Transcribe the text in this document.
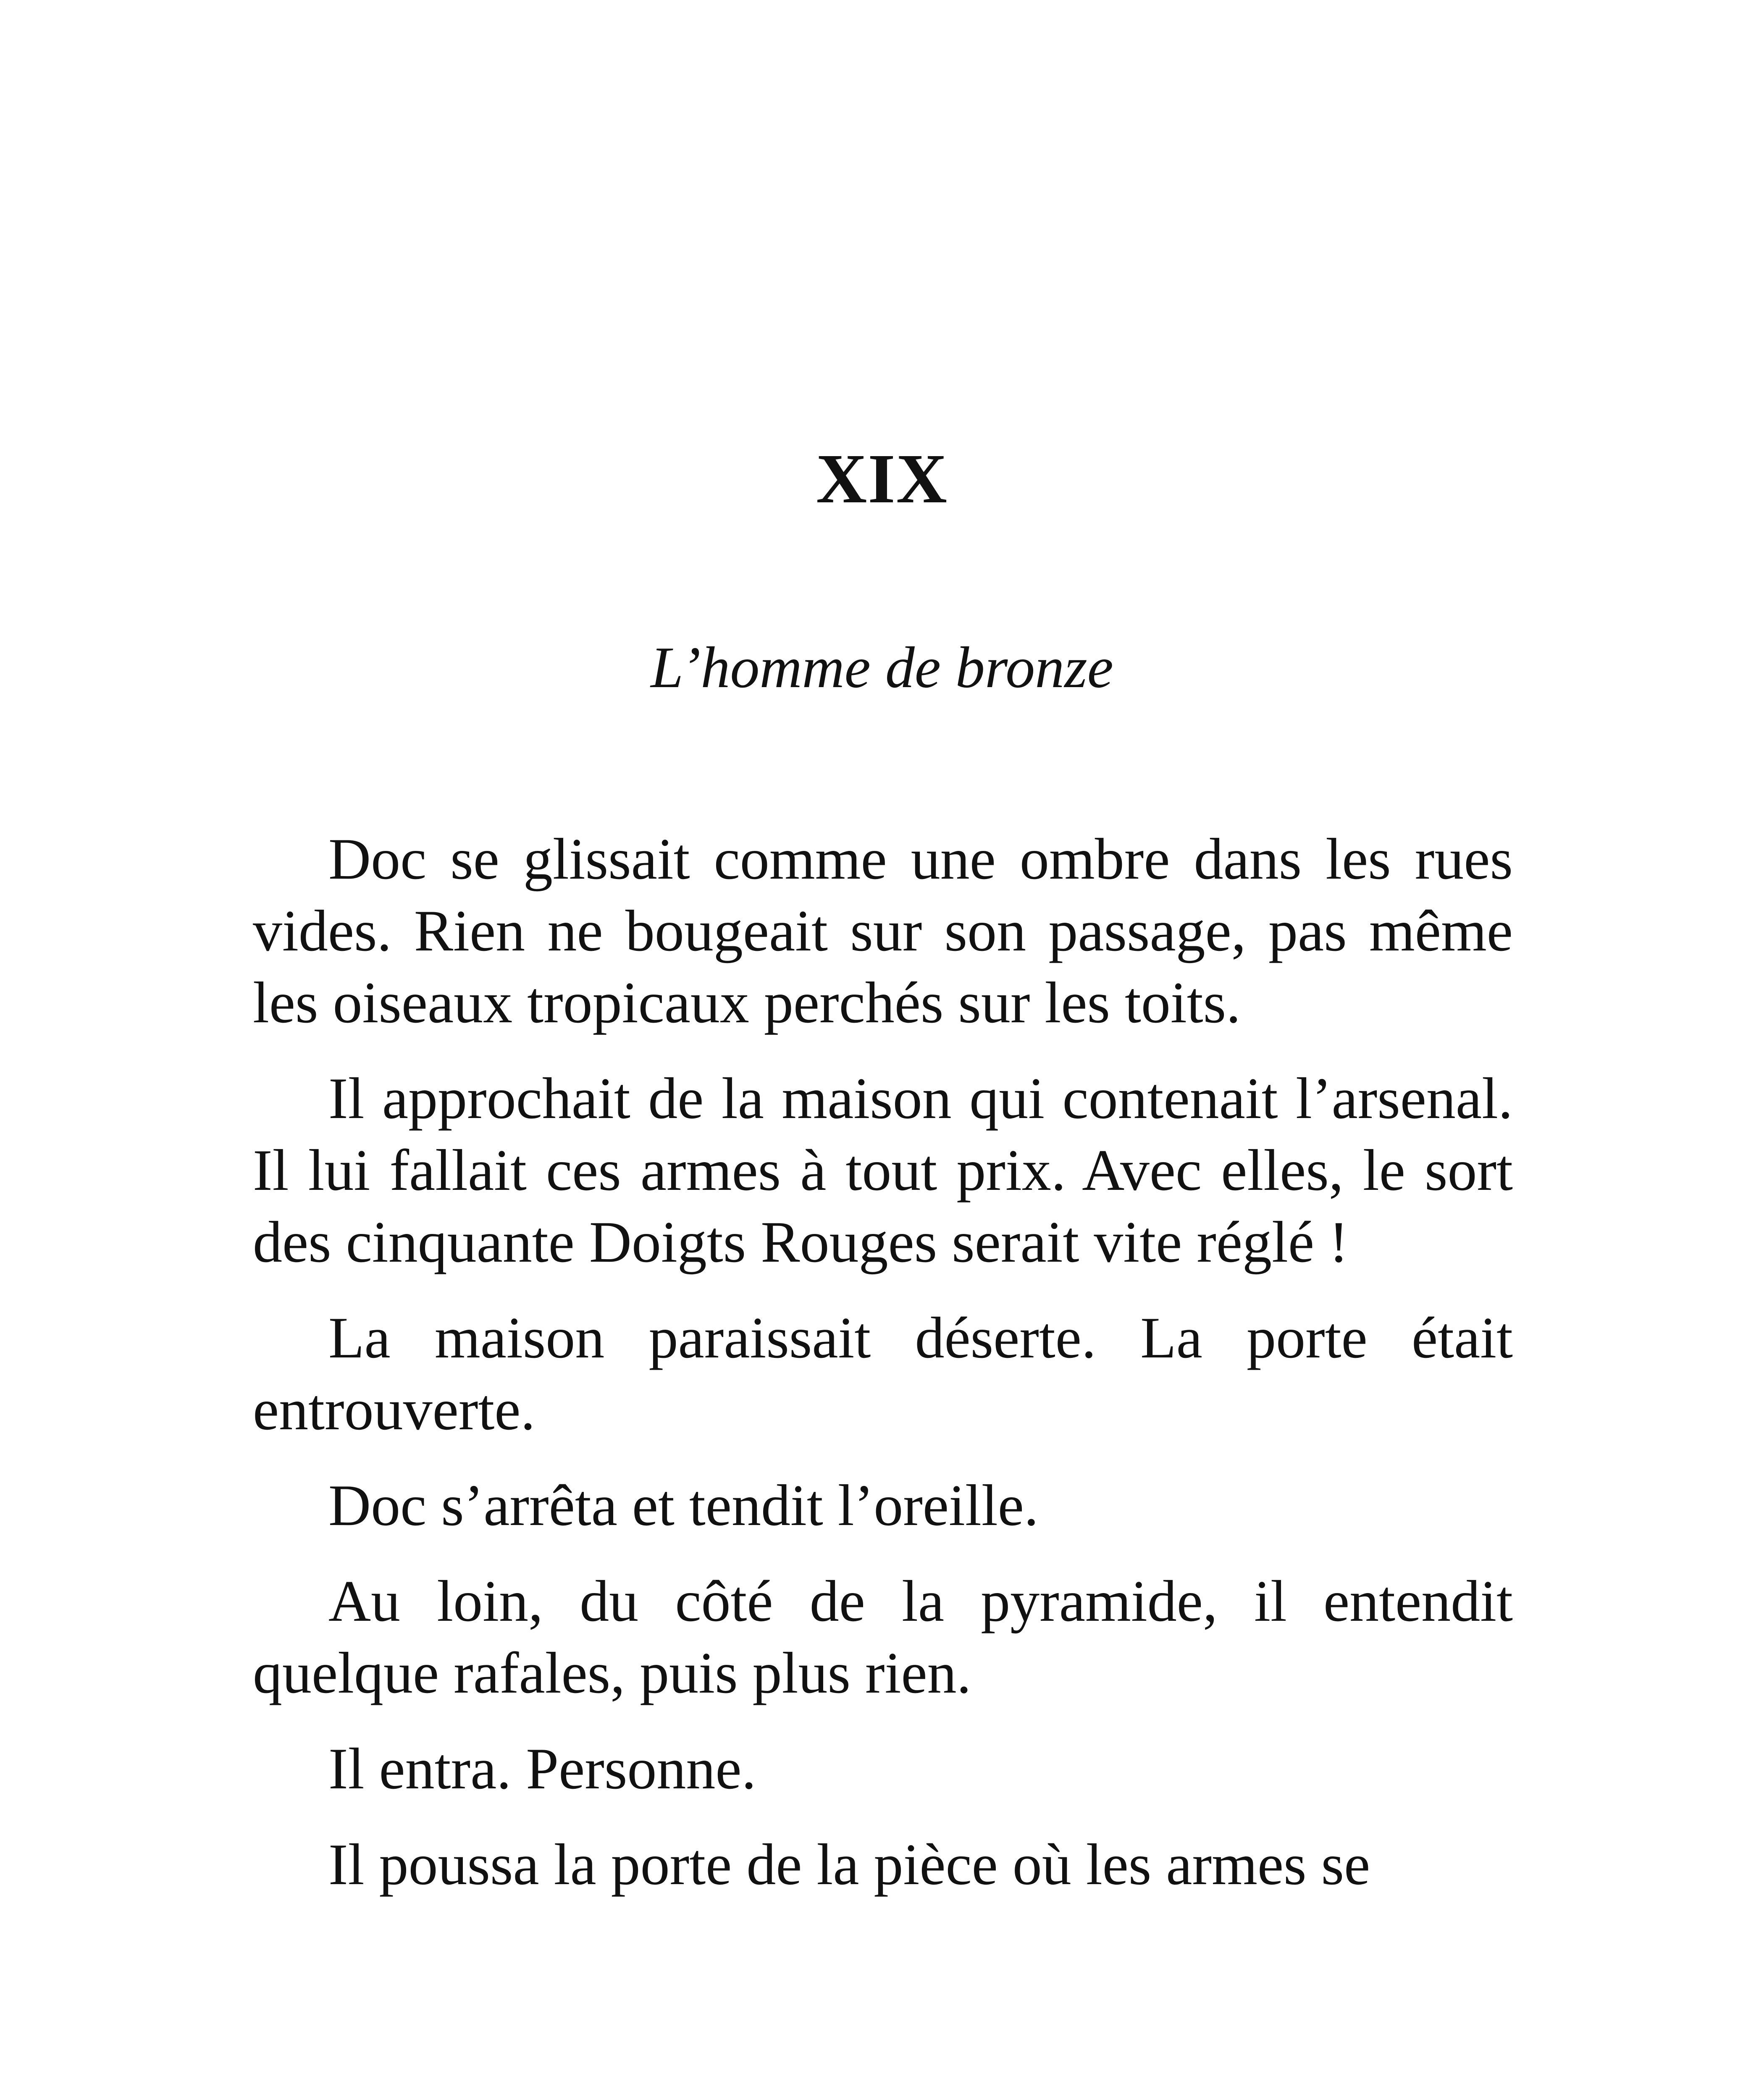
XIX
L’homme de bronze

Doc se glissait comme une ombre dans les rues vides. Rien ne bougeait sur son passage, pas même les oiseaux tropicaux perchés sur les toits.

Il approchait de la maison qui contenait l’arsenal. Il lui fallait ces armes à tout prix. Avec elles, le sort des cinquante Doigts Rouges serait vite réglé !

La maison paraissait déserte. La porte était entrouverte.

Doc s’arrêta et tendit l’oreille.

Au loin, du côté de la pyramide, il entendit quelque rafales, puis plus rien.

Il entra. Personne.

Il poussa la porte de la pièce où les armes se
